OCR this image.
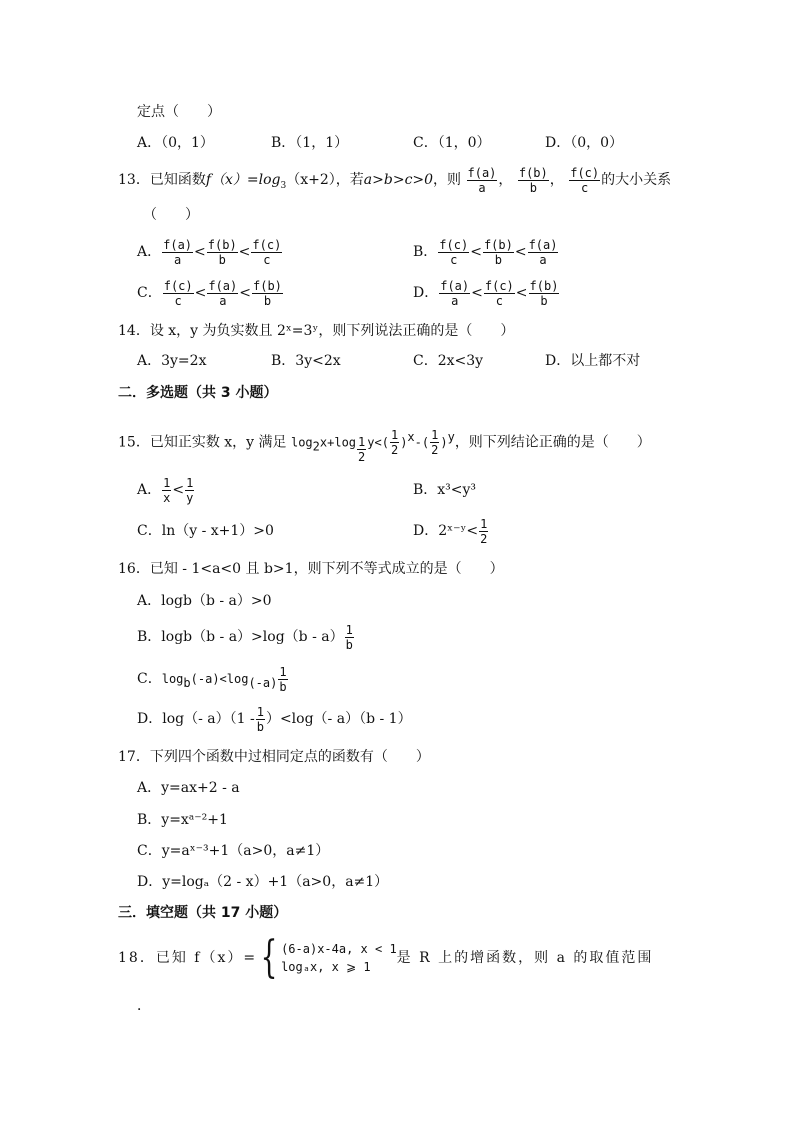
定点（　　）
A．（0，1）	B．（1，1）	C．（1，0）	D．（0，0）
13．已知函数$f(x)=\log_3(x+2)$，若a>b>c>0，则 $\frac{f(a)}{a}$ ， $\frac{f(b)}{b}$ ， $\frac{f(c)}{c}$ 的大小关系
（　　）
A． $\frac{f(a)}{a} < \frac{f(b)}{b} < \frac{f(c)}{c}$	B． $\frac{f(c)}{c} < \frac{f(b)}{b} < \frac{f(a)}{a}$
C． $\frac{f(c)}{c} < \frac{f(a)}{a} < \frac{f(b)}{b}$	D． $\frac{f(a)}{a} < \frac{f(c)}{c} < \frac{f(b)}{b}$
14．设 x，y 为负实数且 2ˣ=3ʸ，则下列说法正确的是（　　）
A．3y=2x	B．3y<2x	C．2x<3y	D．以上都不对
二．多选题（共 3 小题）
15．已知正实数 x，y 满足 $\log_2x+\log \frac{1}{2} y<( \frac{1}{2} )^x-( \frac{1}{2} )^y$，则下列结论正确的是（　　）
A． $\frac{1}{x} < \frac{1}{y}$	B．x³<y³
C．ln（y - x+1）>0	D．2ˣ⁻ʸ< $\frac{1}{2}$
16．已知 - 1<a<0 且 b>1，则下列不等式成立的是（　　）
A．logb（b - a）>0
B．$\log b(b - a)>\log(b - a) \frac{1}{b}$
C．$\log_b(-a)<\log_{(-a)} \frac{1}{b}$
D．log（- $a)(1 - \frac{1}{b} )<\log(-$ a）（b - 1）
17．下列四个函数中过相同定点的函数有（　　）
A．y=ax+2 - a
B．y=xᵃ⁻²+1
C．y=aˣ⁻³+1（a>0，a≠1）
D．y=logₐ（2 - x）+1（a>0，a≠1）
三．填空题（共 17 小题）
18．已知 f（x）={ (6-a)x-4a, x < 1
logₐx, x ⩾ 1
是 R 上的增函数，则 a 的取值范围
．
